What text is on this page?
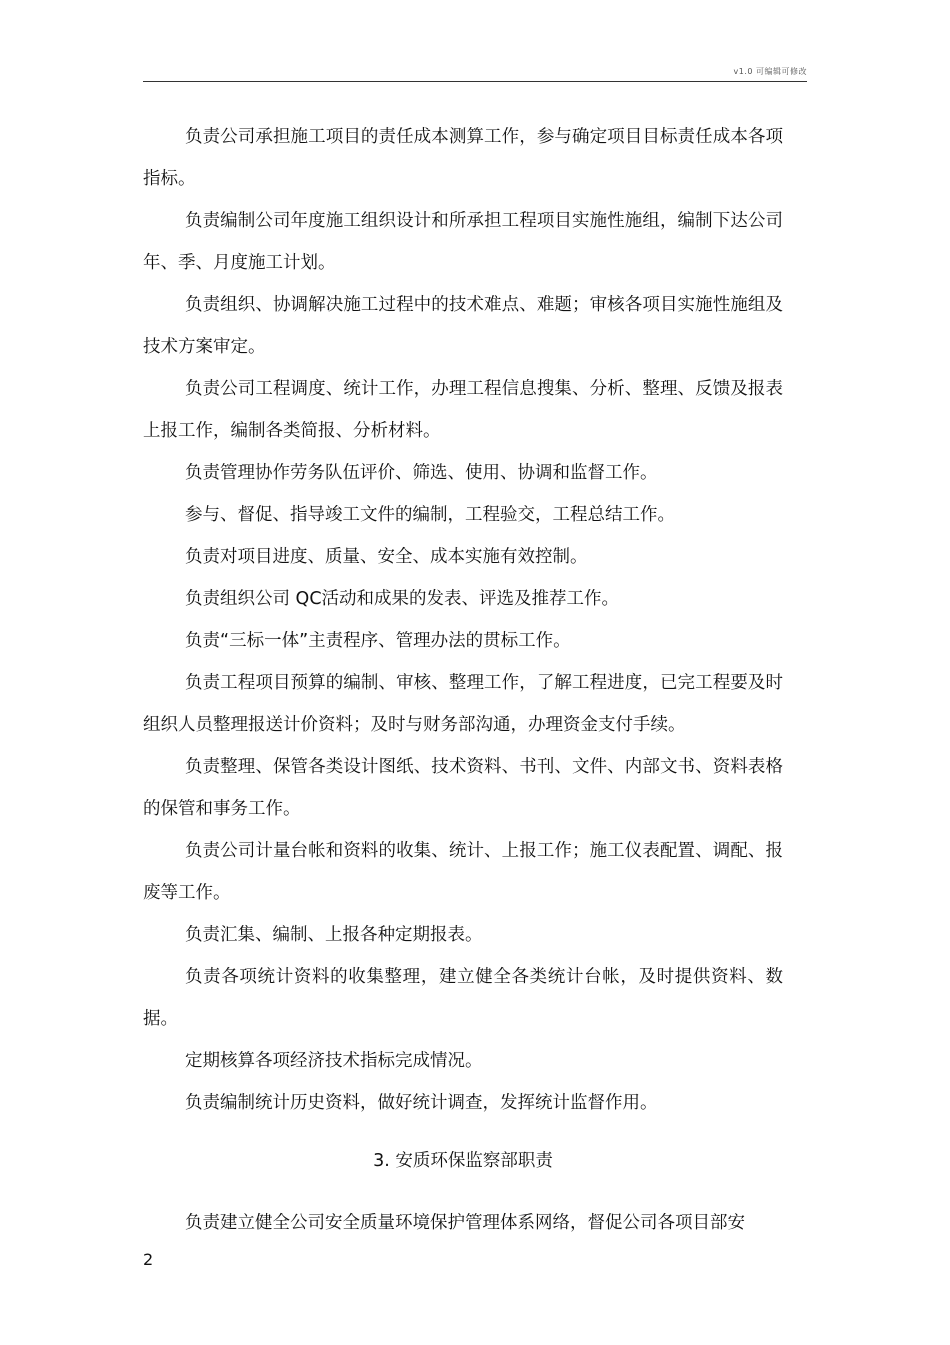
v1.0 可编辑可修改

负责公司承担施工项目的责任成本测算工作，参与确定项目目标责任成本各项指标。

负责编制公司年度施工组织设计和所承担工程项目实施性施组，编制下达公司年、季、月度施工计划。

负责组织、协调解决施工过程中的技术难点、难题；审核各项目实施性施组及技术方案审定。

负责公司工程调度、统计工作，办理工程信息搜集、分析、整理、反馈及报表上报工作，编制各类简报、分析材料。

负责管理协作劳务队伍评价、筛选、使用、协调和监督工作。

参与、督促、指导竣工文件的编制，工程验交，工程总结工作。

负责对项目进度、质量、安全、成本实施有效控制。

负责组织公司 QC活动和成果的发表、评选及推荐工作。

负责“三标一体”主责程序、管理办法的贯标工作。

负责工程项目预算的编制、审核、整理工作，了解工程进度，已完工程要及时组织人员整理报送计价资料；及时与财务部沟通，办理资金支付手续。

负责整理、保管各类设计图纸、技术资料、书刊、文件、内部文书、资料表格的保管和事务工作。

负责公司计量台帐和资料的收集、统计、上报工作；施工仪表配置、调配、报废等工作。

负责汇集、编制、上报各种定期报表。

负责各项统计资料的收集整理，建立健全各类统计台帐，及时提供资料、数据。

定期核算各项经济技术指标完成情况。

负责编制统计历史资料，做好统计调查，发挥统计监督作用。

3. 安质环保监察部职责

负责建立健全公司安全质量环境保护管理体系网络，督促公司各项目部安

2
